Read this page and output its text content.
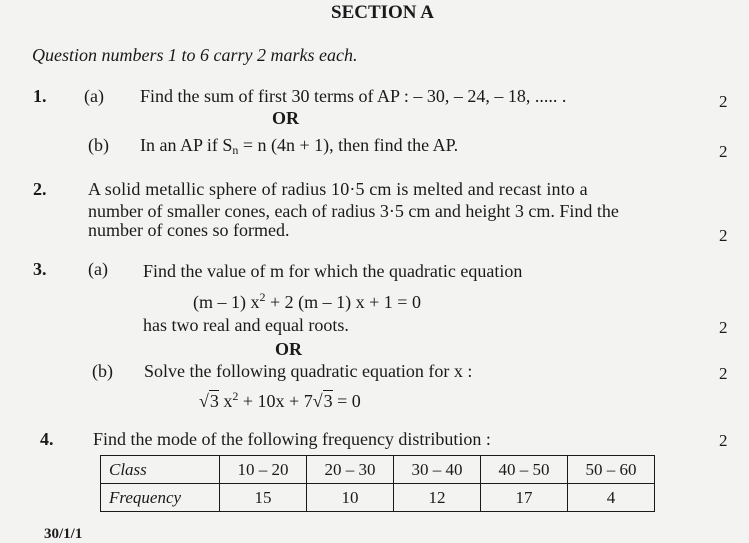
SECTION A
Question numbers 1 to 6 carry 2 marks each.
1. (a) Find the sum of first 30 terms of AP : – 30, – 24, – 18, ..... .	2
OR
(b) In an AP if $S_n = n$ (4n + 1), then find the AP.	2
2. A solid metallic sphere of radius 10·5 cm is melted and recast into a
number of smaller cones, each of radius 3·5 cm and height 3 cm. Find the
number of cones so formed.	2
3. (a) Find the value of m for which the quadratic equation
(m – 1) $x^2 + 2$ (m – 1) x + 1 = 0
has two real and equal roots.	2
OR
(b) Solve the following quadratic equation for x :	2
√3 $x^2 + 10x + 7√3 = 0$
4. Find the mode of the following frequency distribution :	2
Class	10 – 20	20 – 30	30 – 40	40 – 50	50 – 60
Frequency	15	10	12	17	4
30/1/1
